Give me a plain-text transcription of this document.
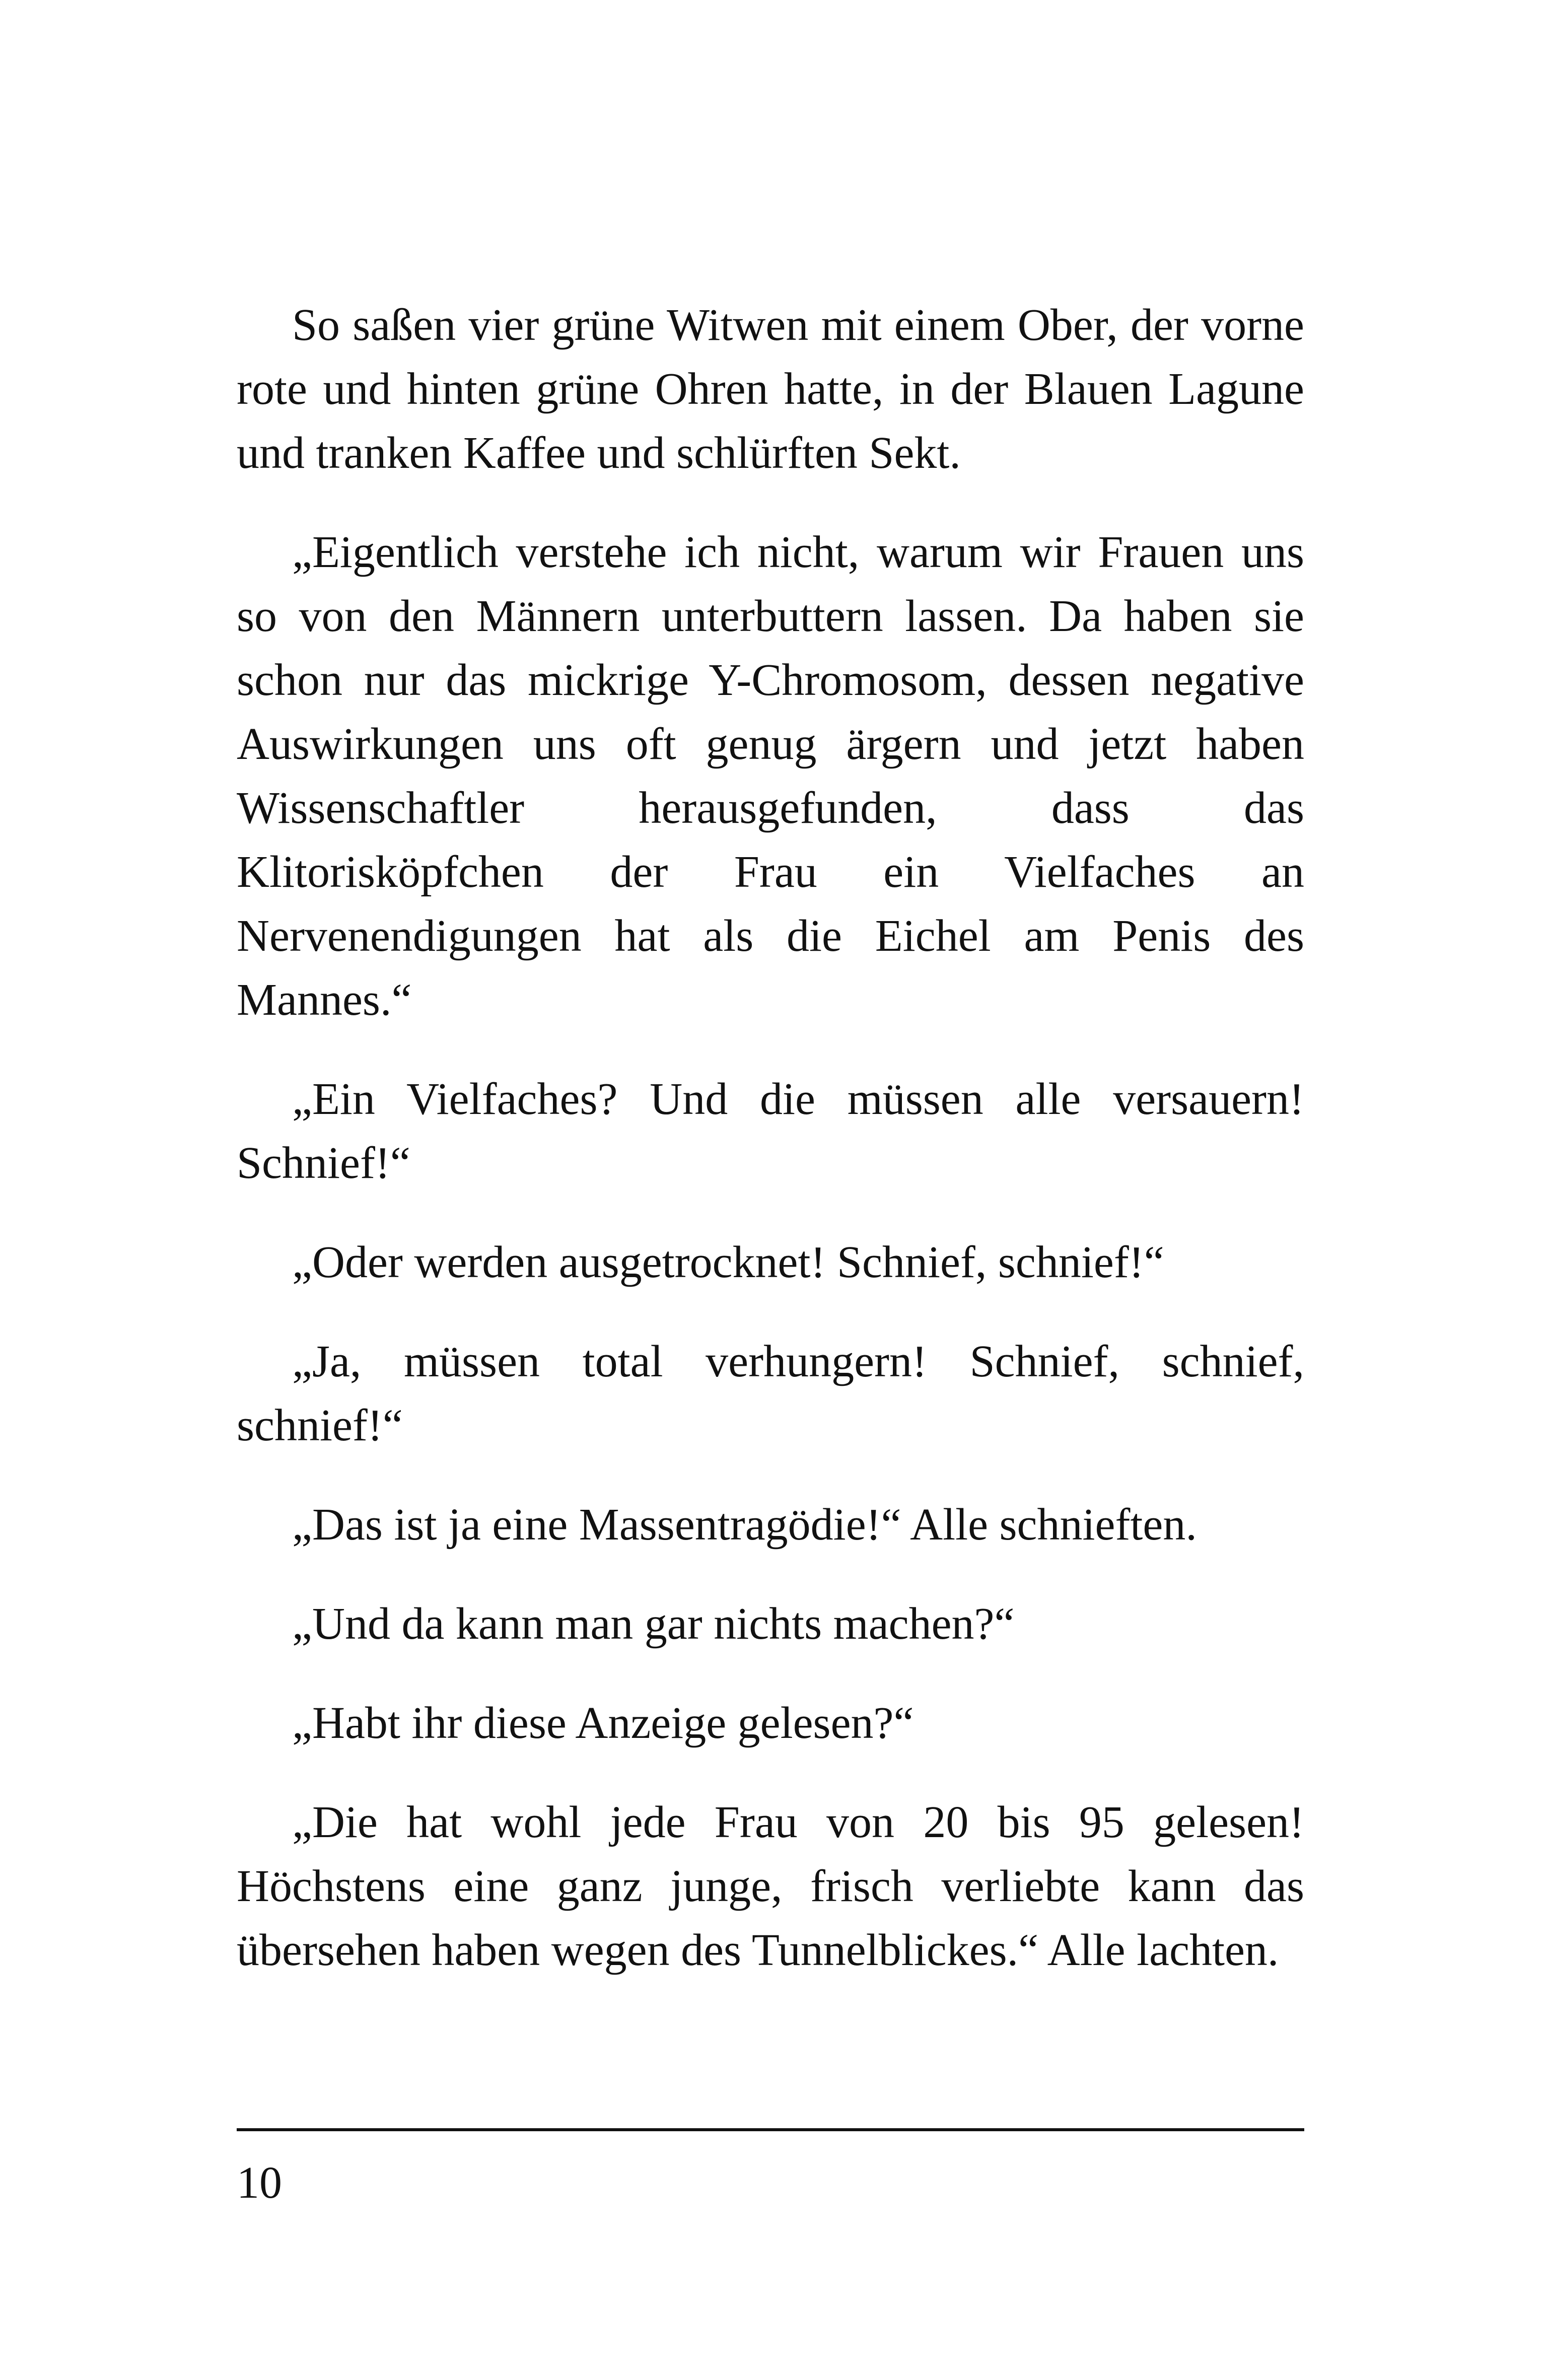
So saßen vier grüne Witwen mit einem Ober, der vorne rote und hinten grüne Ohren hatte, in der Blauen Lagune und tranken Kaffee und schlürften Sekt.

„Eigentlich verstehe ich nicht, warum wir Frauen uns so von den Männern unterbuttern lassen. Da haben sie schon nur das mickrige Y-Chromosom, dessen negative Auswirkungen uns oft genug ärgern und jetzt haben Wissenschaftler herausgefunden, dass das Klitorisköpfchen der Frau ein Vielfaches an Nervenendigungen hat als die Eichel am Penis des Mannes.“

„Ein Vielfaches? Und die müssen alle versauern! Schnief!“

„Oder werden ausgetrocknet! Schnief, schnief!“

„Ja, müssen total verhungern! Schnief, schnief, schnief!“

„Das ist ja eine Massentragödie!“ Alle schnieften.

„Und da kann man gar nichts machen?“

„Habt ihr diese Anzeige gelesen?“

„Die hat wohl jede Frau von 20 bis 95 gelesen! Höchstens eine ganz junge, frisch verliebte kann das übersehen haben wegen des Tunnelblickes.“ Alle lachten.

10
